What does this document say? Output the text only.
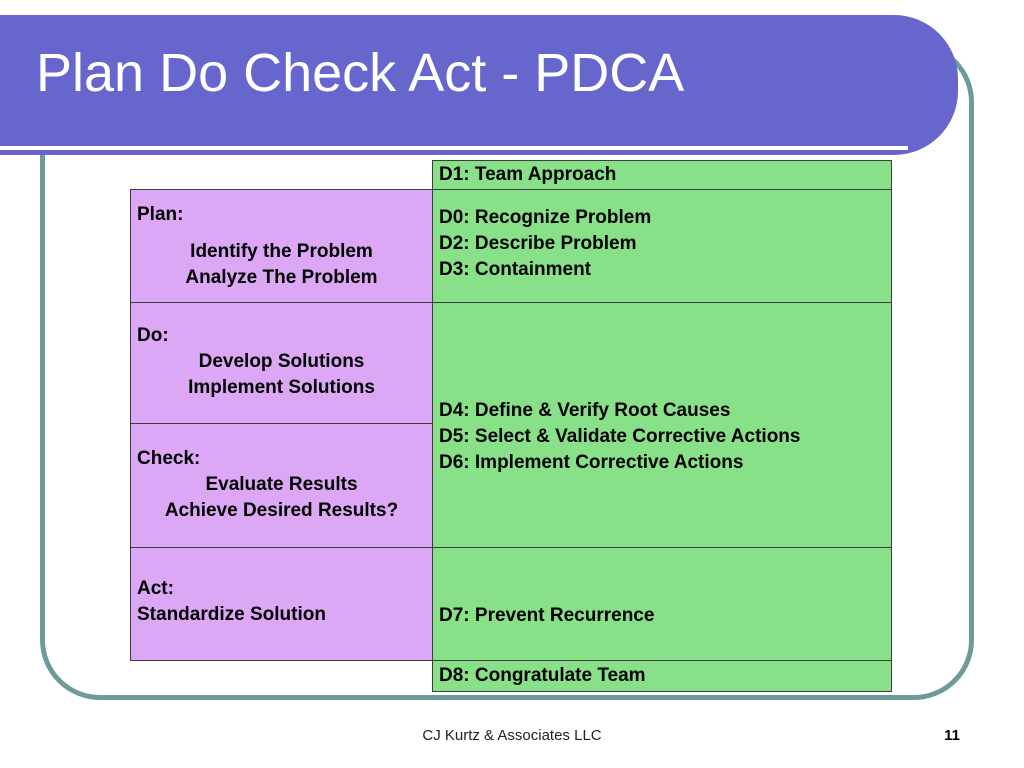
Plan Do Check Act - PDCA
D1: Team Approach
D0: Recognize Problem
D2: Describe Problem
D3: Containment
D4: Define & Verify Root Causes
D5: Select & Validate Corrective Actions
D6: Implement Corrective Actions
D7: Prevent Recurrence
D8: Congratulate Team
Plan:
Identify the Problem
Analyze The Problem
Do:
Develop Solutions
Implement Solutions
Check:
Evaluate Results
Achieve Desired Results?
Act:
Standardize Solution
CJ Kurtz & Associates LLC	11
